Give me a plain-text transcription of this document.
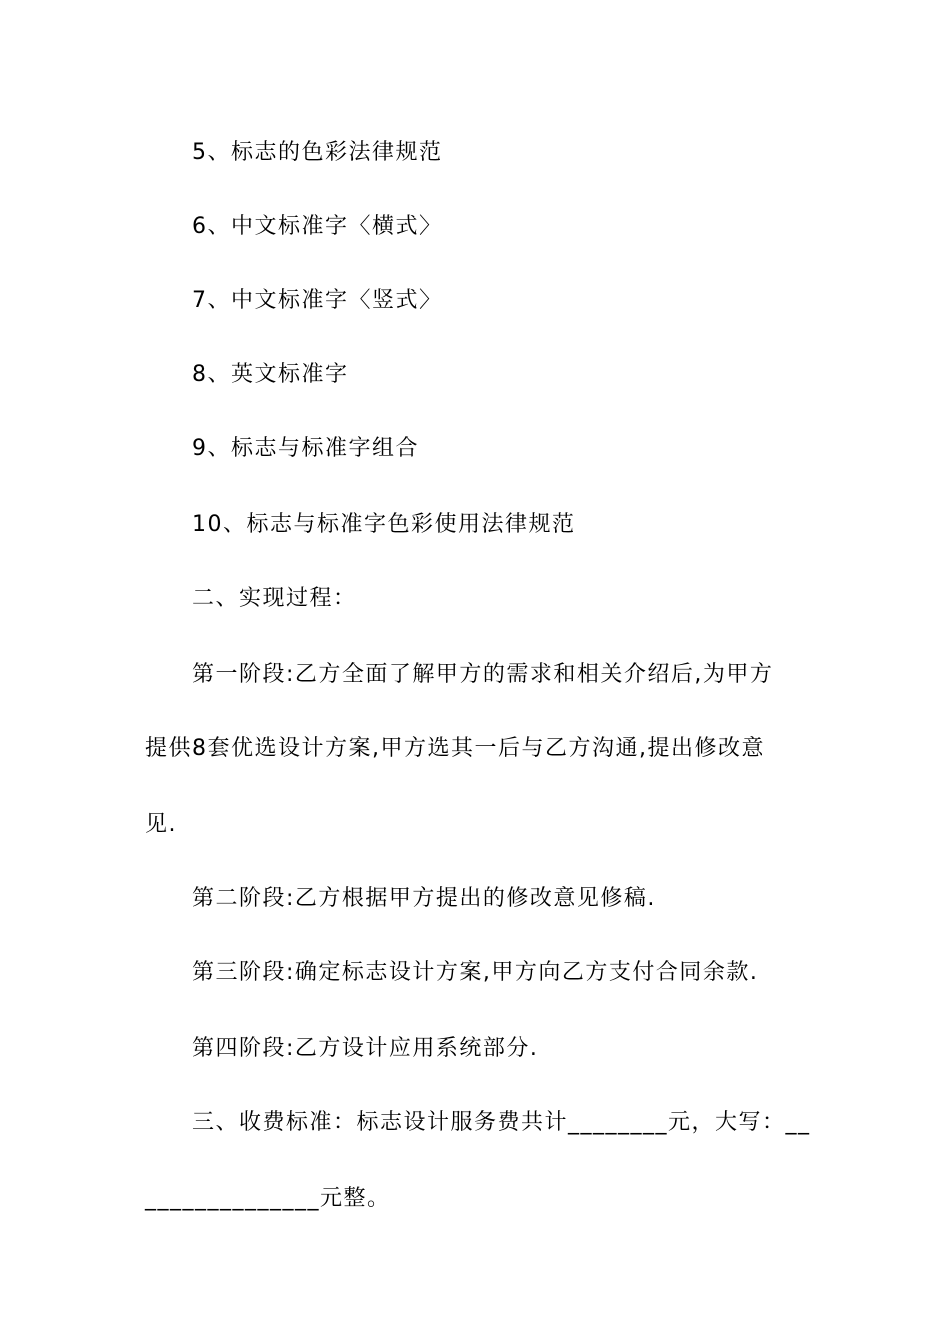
5、标志的色彩法律规范
6、中文标准字〈横式〉
7、中文标准字〈竖式〉
8、英文标准字
9、标志与标准字组合
10、标志与标准字色彩使用法律规范
二、实现过程：
第一阶段:乙方全面了解甲方的需求和相关介绍后,为甲方
提供8套优选设计方案,甲方选其一后与乙方沟通,提出修改意
见.
第二阶段:乙方根据甲方提出的修改意见修稿.
第三阶段:确定标志设计方案,甲方向乙方支付合同余款.
第四阶段:乙方设计应用系统部分.
三、收费标准：标志设计服务费共计________元，大写：__
______________元整。
